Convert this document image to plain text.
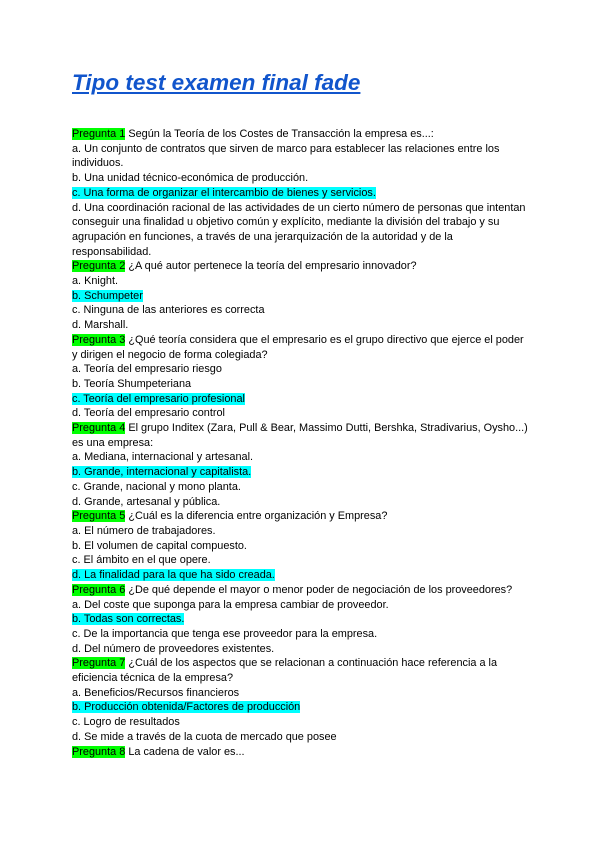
Tipo test examen final fade
Pregunta 1 Según la Teoría de los Costes de Transacción la empresa es...:
a. Un conjunto de contratos que sirven de marco para establecer las relaciones entre los individuos.
b. Una unidad técnico-económica de producción.
c. Una forma de organizar el intercambio de bienes y servicios.
d. Una coordinación racional de las actividades de un cierto número de personas que intentan conseguir una finalidad u objetivo común y explícito, mediante la división del trabajo y su agrupación en funciones, a través de una jerarquización de la autoridad y de la responsabilidad.
Pregunta 2 ¿A qué autor pertenece la teoría del empresario innovador?
a. Knight.
b. Schumpeter
c. Ninguna de las anteriores es correcta
d. Marshall.
Pregunta 3 ¿Qué teoría considera que el empresario es el grupo directivo que ejerce el poder y dirigen el negocio de forma colegiada?
a. Teoría del empresario riesgo
b. Teoría Shumpeteriana
c. Teoría del empresario profesional
d. Teoría del empresario control
Pregunta 4 El grupo Inditex (Zara, Pull & Bear, Massimo Dutti, Bershka, Stradivarius, Oysho...) es una empresa:
a. Mediana, internacional y artesanal.
b. Grande, internacional y capitalista.
c. Grande, nacional y mono planta.
d. Grande, artesanal y pública.
Pregunta 5 ¿Cuál es la diferencia entre organización y Empresa?
a. El número de trabajadores.
b. El volumen de capital compuesto.
c. El ámbito en el que opere.
d. La finalidad para la que ha sido creada.
Pregunta 6 ¿De qué depende el mayor o menor poder de negociación de los proveedores?
a. Del coste que suponga para la empresa cambiar de proveedor.
b. Todas son correctas.
c. De la importancia que tenga ese proveedor para la empresa.
d. Del número de proveedores existentes.
Pregunta 7 ¿Cuál de los aspectos que se relacionan a continuación hace referencia a la eficiencia técnica de la empresa?
a. Beneficios/Recursos financieros
b. Producción obtenida/Factores de producción
c. Logro de resultados
d. Se mide a través de la cuota de mercado que posee
Pregunta 8 La cadena de valor es...
